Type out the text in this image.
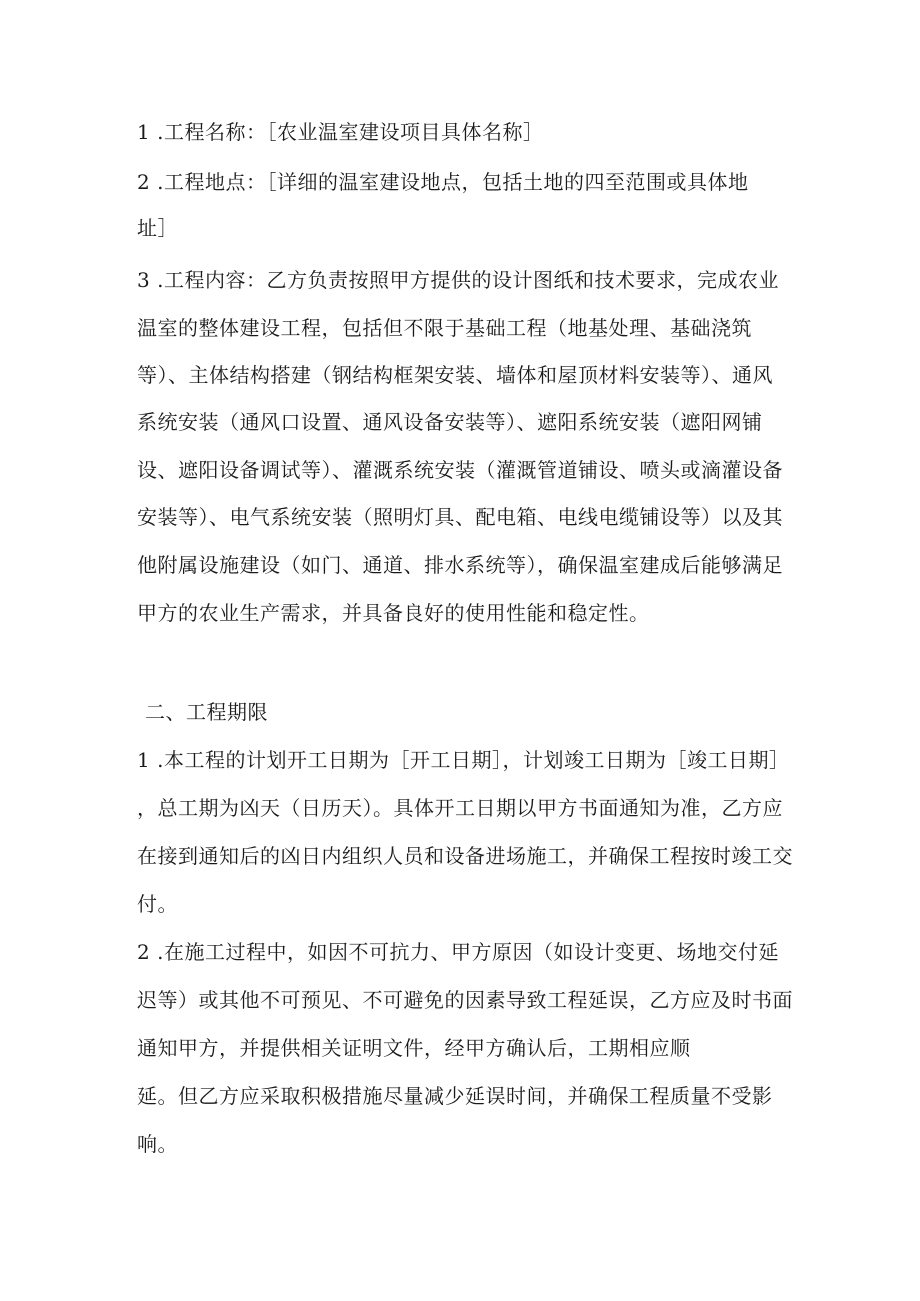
1 .工程名称：［农业温室建设项目具体名称］
2 .工程地点：［详细的温室建设地点，包括土地的四至范围或具体地
址］
3 .工程内容：乙方负责按照甲方提供的设计图纸和技术要求，完成农业
温室的整体建设工程，包括但不限于基础工程（地基处理、基础浇筑
等）、主体结构搭建（钢结构框架安装、墙体和屋顶材料安装等）、通风
系统安装（通风口设置、通风设备安装等）、遮阳系统安装（遮阳网铺
设、遮阳设备调试等）、灌溉系统安装（灌溉管道铺设、喷头或滴灌设备
安装等）、电气系统安装（照明灯具、配电箱、电线电缆铺设等）以及其
他附属设施建设（如门、通道、排水系统等），确保温室建成后能够满足
甲方的农业生产需求，并具备良好的使用性能和稳定性。
二、工程期限
1 .本工程的计划开工日期为［开工日期］，计划竣工日期为［竣工日期］
，总工期为凶天（日历天）。具体开工日期以甲方书面通知为准，乙方应
在接到通知后的凶日内组织人员和设备进场施工，并确保工程按时竣工交
付。
2 .在施工过程中，如因不可抗力、甲方原因（如设计变更、场地交付延
迟等）或其他不可预见、不可避免的因素导致工程延误，乙方应及时书面
通知甲方，并提供相关证明文件，经甲方确认后，工期相应顺
延。但乙方应采取积极措施尽量减少延误时间，并确保工程质量不受影
响。
